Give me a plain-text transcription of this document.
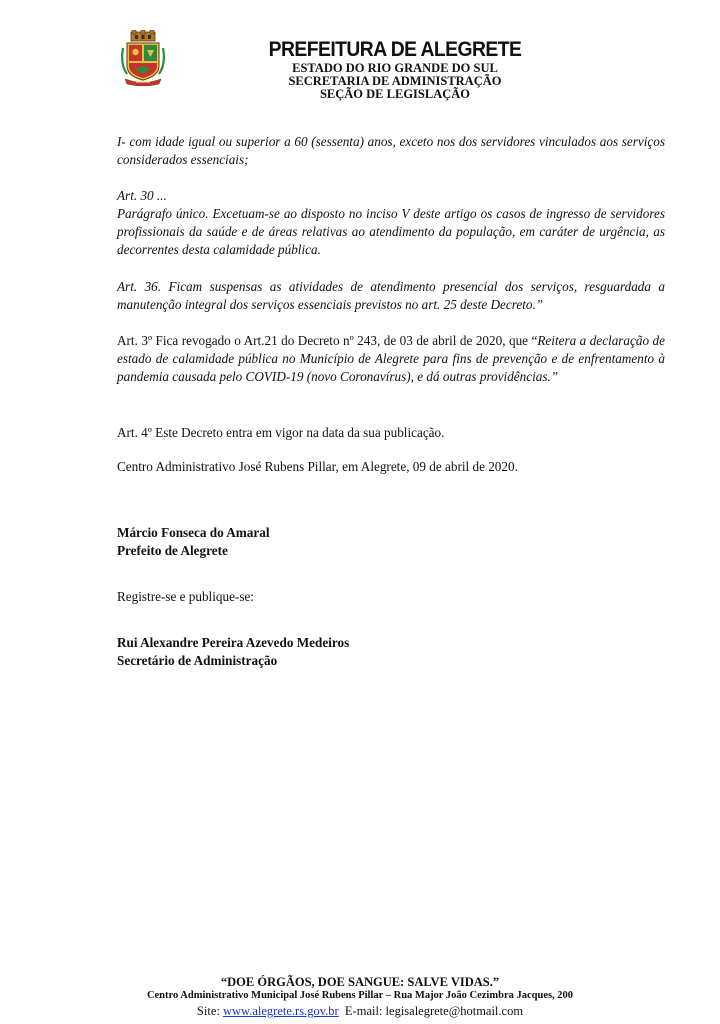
PREFEITURA DE ALEGRETE
ESTADO DO RIO GRANDE DO SUL
SECRETARIA DE ADMINISTRAÇÃO
SEÇÃO DE LEGISLAÇÃO

I- com idade igual ou superior a 60 (sessenta) anos, exceto nos dos servidores vinculados aos serviços considerados essenciais;

Art. 30 ...
Parágrafo único. Excetuam-se ao disposto no inciso V deste artigo os casos de ingresso de servidores profissionais da saúde e de áreas relativas ao atendimento da população, em caráter de urgência, as decorrentes desta calamidade pública.

Art. 36. Ficam suspensas as atividades de atendimento presencial dos serviços, resguardada a manutenção integral dos serviços essenciais previstos no art. 25 deste Decreto.”

Art. 3º Fica revogado o Art.21 do Decreto nº 243, de 03 de abril de 2020, que “Reitera a declaração de estado de calamidade pública no Município de Alegrete para fins de prevenção e de enfrentamento à pandemia causada pelo COVID-19 (novo Coronavírus), e dá outras providências.”

Art. 4º Este Decreto entra em vigor na data da sua publicação.

Centro Administrativo José Rubens Pillar, em Alegrete, 09 de abril de 2020.

Márcio Fonseca do Amaral
Prefeito de Alegrete

Registre-se e publique-se:

Rui Alexandre Pereira Azevedo Medeiros
Secretário de Administração

“DOE ÓRGÃOS, DOE SANGUE: SALVE VIDAS.”
Centro Administrativo Municipal José Rubens Pillar – Rua Major João Cezimbra Jacques, 200
Site: www.alegrete.rs.gov.br E-mail: legisalegrete@hotmail.com
